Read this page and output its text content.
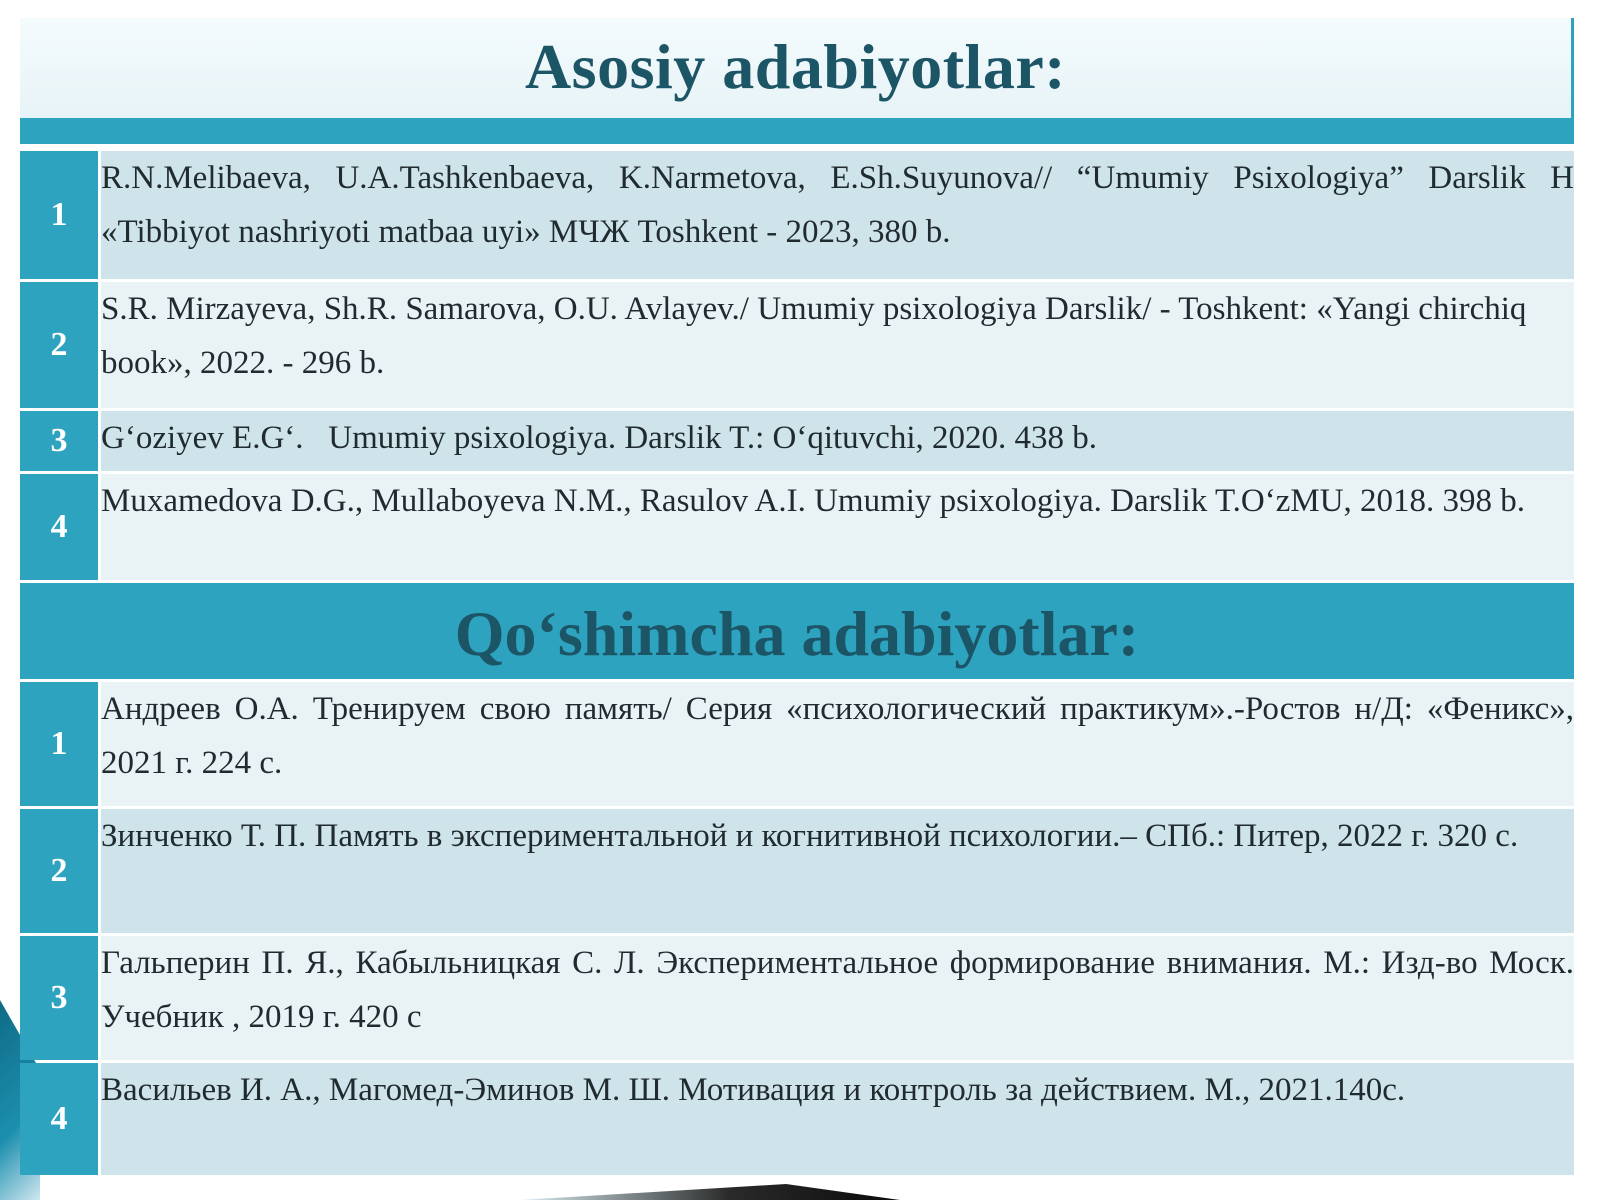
Asosiy adabiyotlar:
1	R.N.Melibaeva, U.A.Tashkenbaeva, K.Narmetova, E.Sh.Suyunova// “Umumiy Psixologiya” Darslik H «Tibbiyot nashriyoti matbaa uyi» МЧЖ Toshkent - 2023, 380 b.
2	S.R. Mirzayeva, Sh.R. Samarova, O.U. Avlayev./ Umumiy psixologiya Darslik/ - Toshkent: «Yangi chirchiq book», 2022. - 296 b.
3	G‘oziyev E.G‘.   Umumiy psixologiya. Darslik T.: O‘qituvchi, 2020. 438 b.
4	Muxamedova D.G., Mullaboyeva N.M., Rasulov A.I. Umumiy psixologiya. Darslik T.O‘zMU, 2018. 398 b.
Qo‘shimcha adabiyotlar:
1	Андреев О.А. Тренируем свою память/ Серия «психологический практикум».-Ростов н/Д: «Феникс», 2021 г. 224 с.
2	Зинченко Т. П. Память в экспериментальной и когнитивной психологии.– СПб.: Питер, 2022 г. 320 с.
3	Гальперин П. Я., Кабыльницкая С. Л. Экспериментальное формирование внимания. М.: Изд-во Моск. Учебник , 2019 г. 420 с
4	Васильев И. А., Магомед-Эминов М. Ш. Мотивация и контроль за действием. М., 2021.140с.
